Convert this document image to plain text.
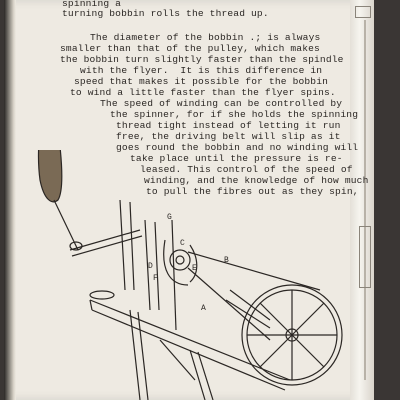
spinning a
turning bobbin rolls the thread up.
The diameter of the bobbin .; is always
smaller than that of the pulley, which makes
the bobbin turn slightly faster than the spindle
with the flyer.  It is this difference in
speed that makes it possible for the bobbin
to wind a little faster than the flyer spins.
The speed of winding can be controlled by
the spinner, for if she holds the spinning
thread tight instead of letting it run
free, the driving belt will slip as it
goes round the bobbin and no winding will
take place until the pressure is re-
leased. This control of the speed of
winding, and the knowledge of how much
to pull the fibres out as they spin,
G
C
E
B
D
F
A
